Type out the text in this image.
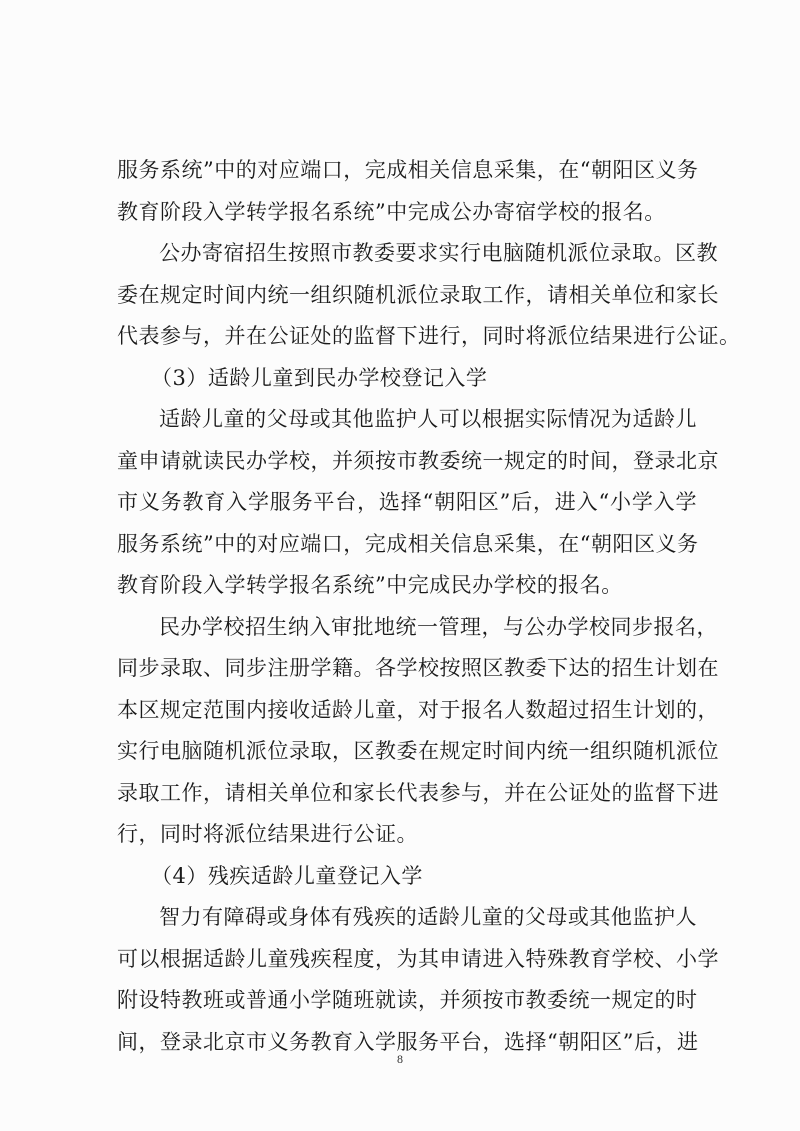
服务系统”中的对应端口，完成相关信息采集，在“朝阳区义务
教育阶段入学转学报名系统”中完成公办寄宿学校的报名。
公办寄宿招生按照市教委要求实行电脑随机派位录取。区教
委在规定时间内统一组织随机派位录取工作，请相关单位和家长
代表参与，并在公证处的监督下进行，同时将派位结果进行公证。
（3）适龄儿童到民办学校登记入学
适龄儿童的父母或其他监护人可以根据实际情况为适龄儿
童申请就读民办学校，并须按市教委统一规定的时间，登录北京
市义务教育入学服务平台，选择“朝阳区”后，进入“小学入学
服务系统”中的对应端口，完成相关信息采集，在“朝阳区义务
教育阶段入学转学报名系统”中完成民办学校的报名。
民办学校招生纳入审批地统一管理，与公办学校同步报名，
同步录取、同步注册学籍。各学校按照区教委下达的招生计划在
本区规定范围内接收适龄儿童，对于报名人数超过招生计划的，
实行电脑随机派位录取，区教委在规定时间内统一组织随机派位
录取工作，请相关单位和家长代表参与，并在公证处的监督下进
行，同时将派位结果进行公证。
（4）残疾适龄儿童登记入学
智力有障碍或身体有残疾的适龄儿童的父母或其他监护人
可以根据适龄儿童残疾程度，为其申请进入特殊教育学校、小学
附设特教班或普通小学随班就读，并须按市教委统一规定的时
间，登录北京市义务教育入学服务平台，选择“朝阳区”后，进
8
